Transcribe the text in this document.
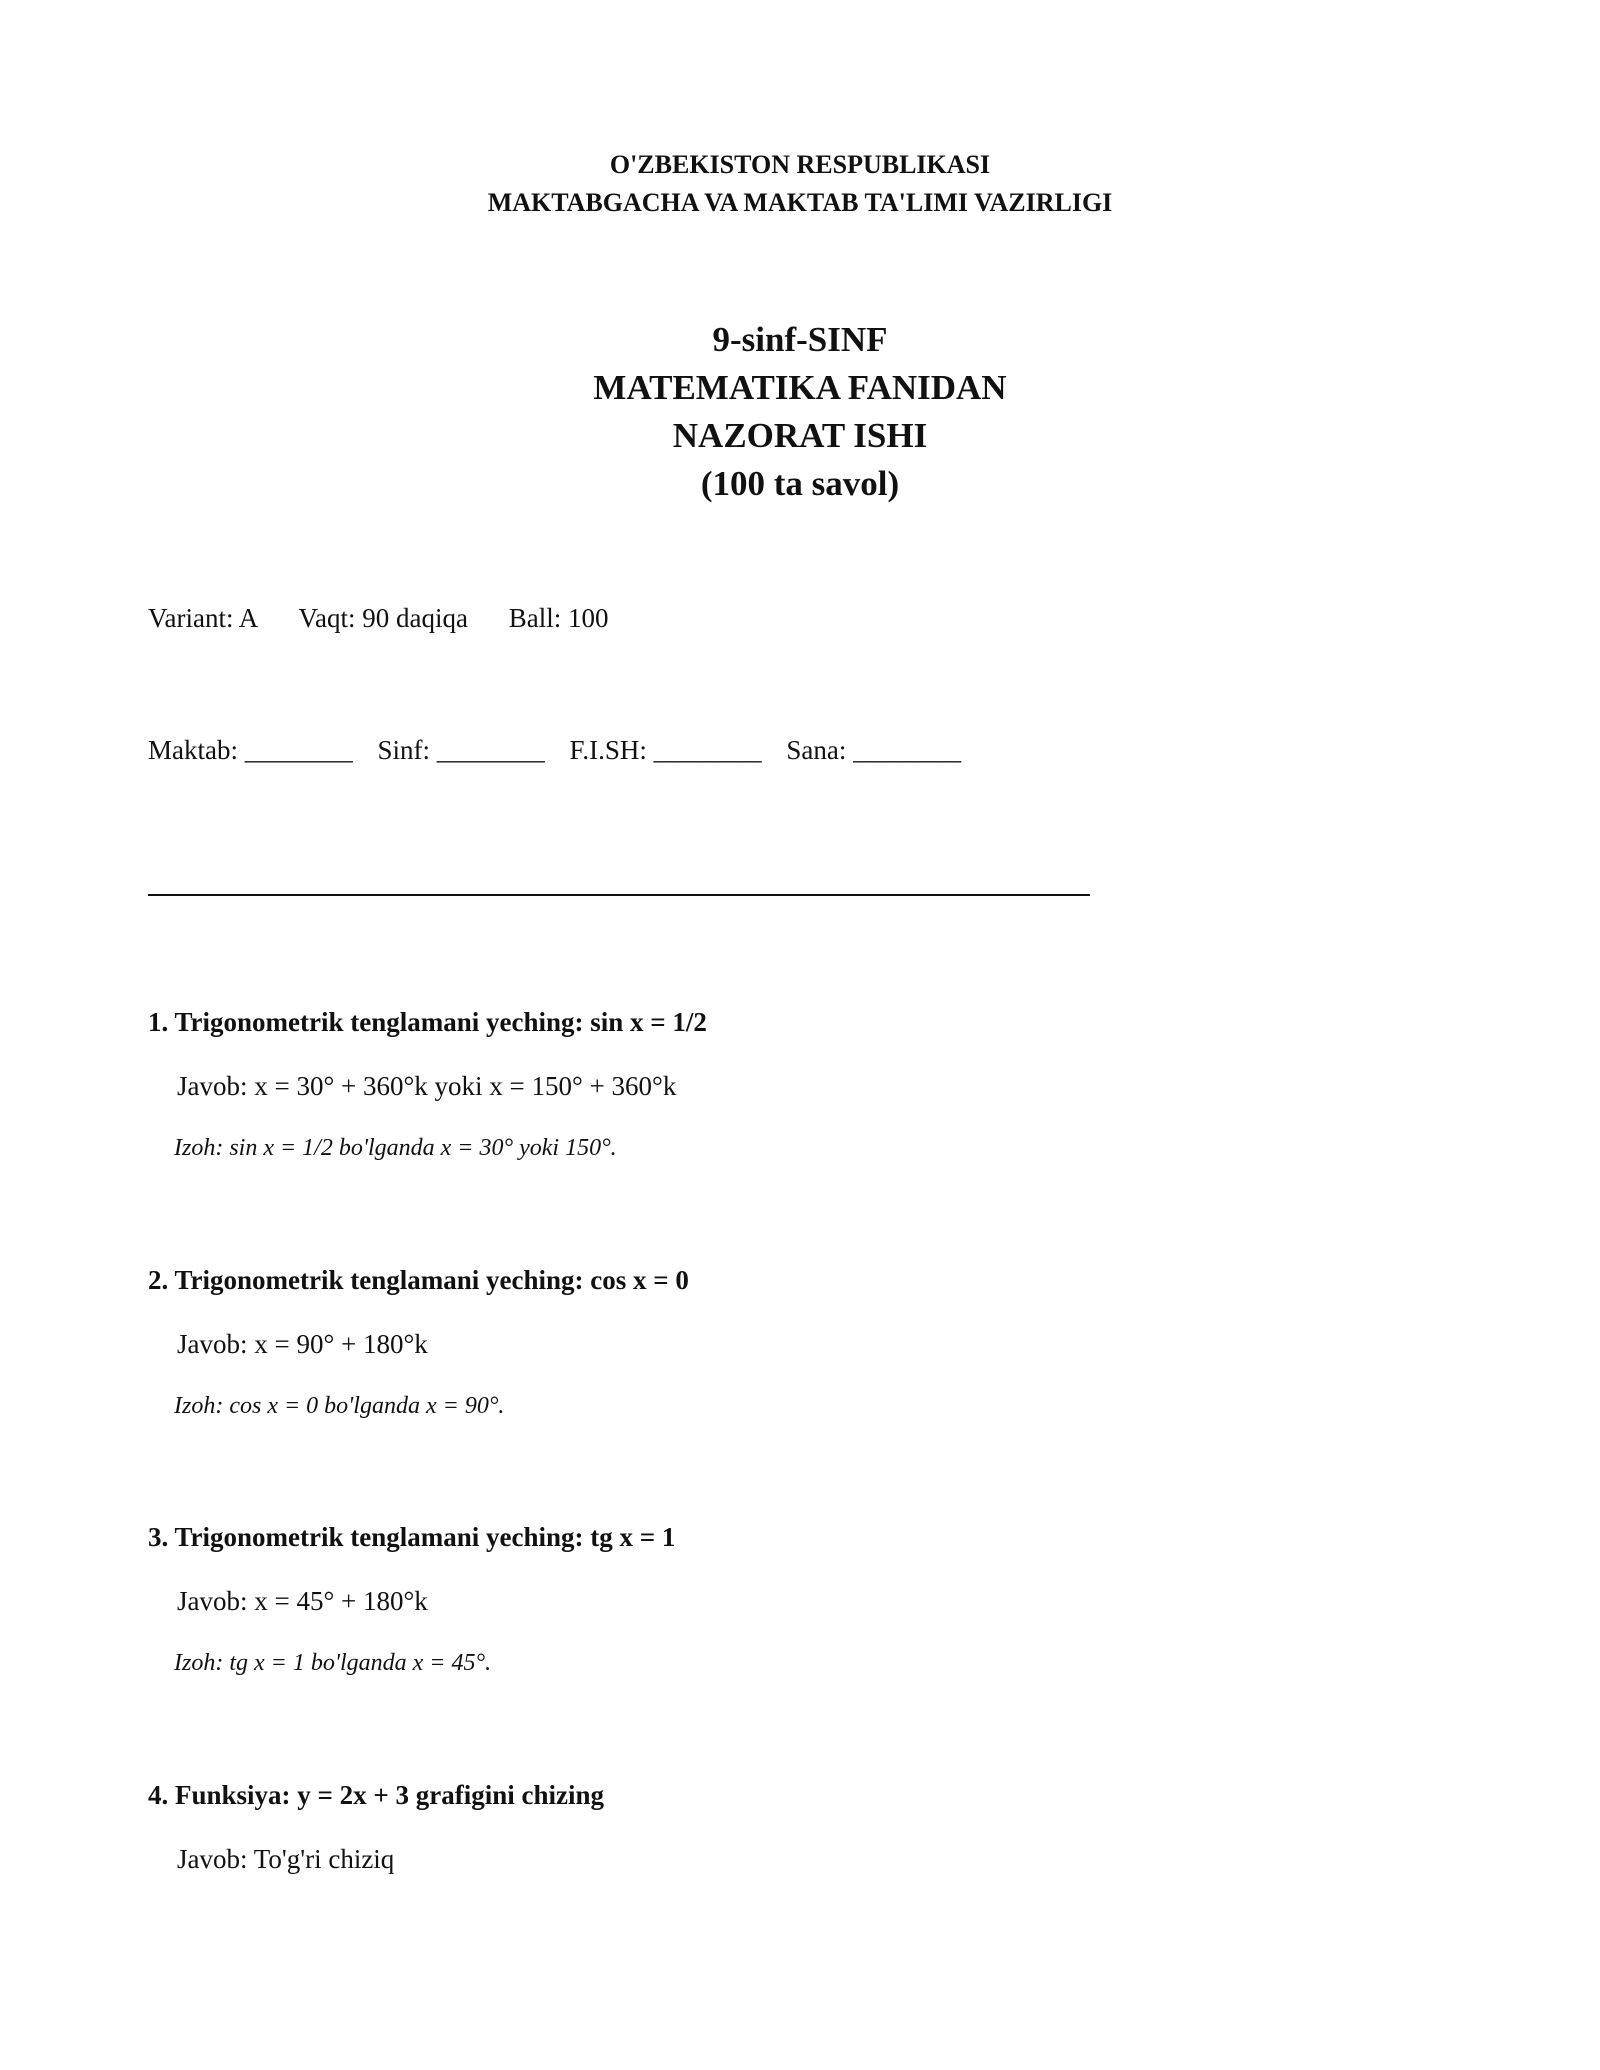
O'ZBEKISTON RESPUBLIKASI
MAKTABGACHA VA MAKTAB TA'LIMI VAZIRLIGI
9-sinf-SINF
MATEMATIKA FANIDAN
NAZORAT ISHI
(100 ta savol)
Variant: A Vaqt: 90 daqiqa Ball: 100
Maktab: ________ Sinf: ________ F.I.SH: ________ Sana: ________
1. Trigonometrik tenglamani yeching: sin x = 1/2
Javob: x = 30° + 360°k yoki x = 150° + 360°k
Izoh: sin x = 1/2 bo'lganda x = 30° yoki 150°.
2. Trigonometrik tenglamani yeching: cos x = 0
Javob: x = 90° + 180°k
Izoh: cos x = 0 bo'lganda x = 90°.
3. Trigonometrik tenglamani yeching: tg x = 1
Javob: x = 45° + 180°k
Izoh: tg x = 1 bo'lganda x = 45°.
4. Funksiya: y = 2x + 3 grafigini chizing
Javob: To'g'ri chiziq
